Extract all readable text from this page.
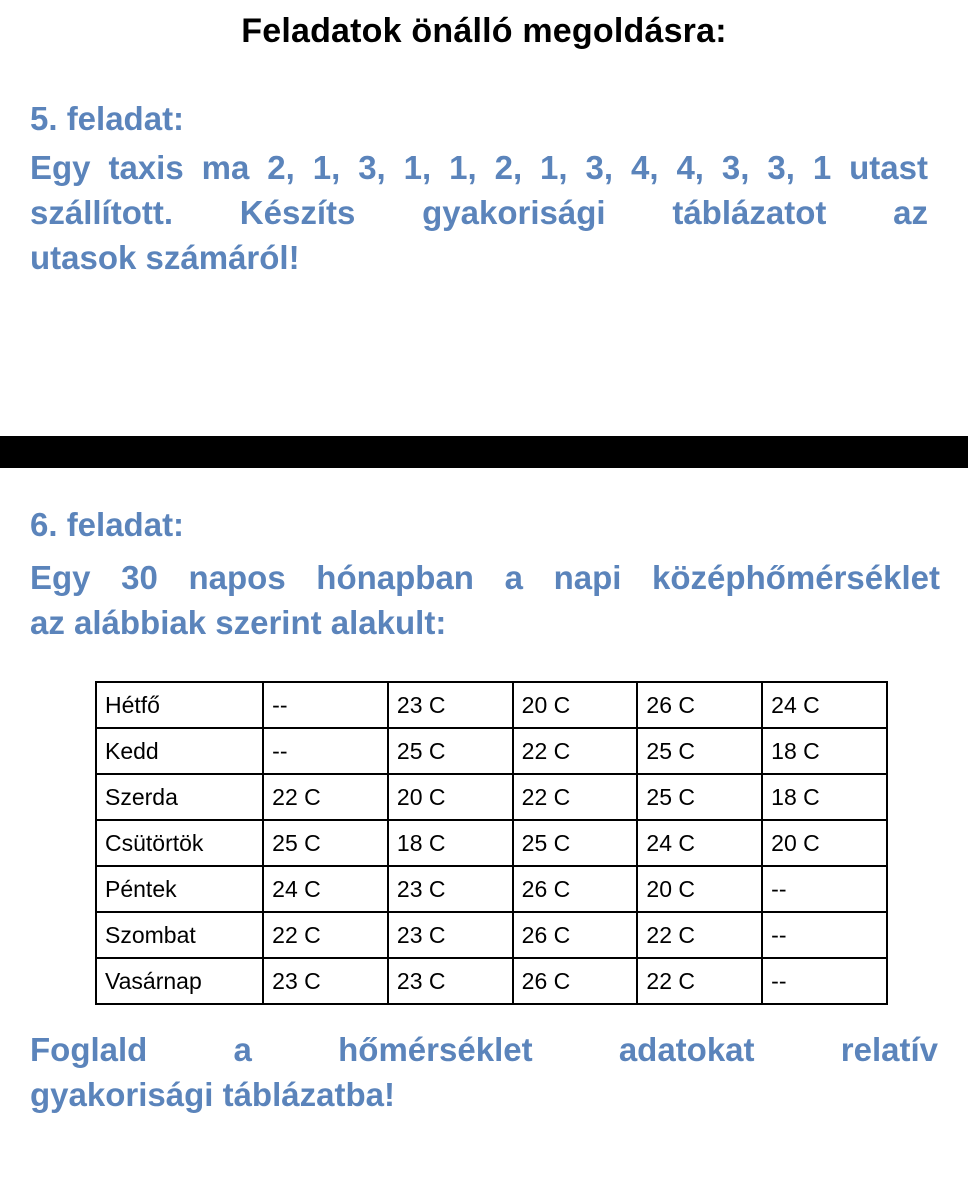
Feladatok önálló megoldásra:
5. feladat:
Egy taxis ma 2, 1, 3, 1, 1, 2, 1, 3, 4, 4, 3, 3, 1 utast
szállított. Készíts gyakorisági táblázatot az
utasok számáról!
6. feladat:
Egy 30 napos hónapban a napi középhőmérséklet
az alábbiak szerint alakult:
Hétfő	--	23 C	20 C	26 C	24 C
Kedd	--	25 C	22 C	25 C	18 C
Szerda	22 C	20 C	22 C	25 C	18 C
Csütörtök	25 C	18 C	25 C	24 C	20 C
Péntek	24 C	23 C	26 C	20 C	--
Szombat	22 C	23 C	26 C	22 C	--
Vasárnap	23 C	23 C	26 C	22 C	--
Foglald a hőmérséklet adatokat relatív
gyakorisági táblázatba!
